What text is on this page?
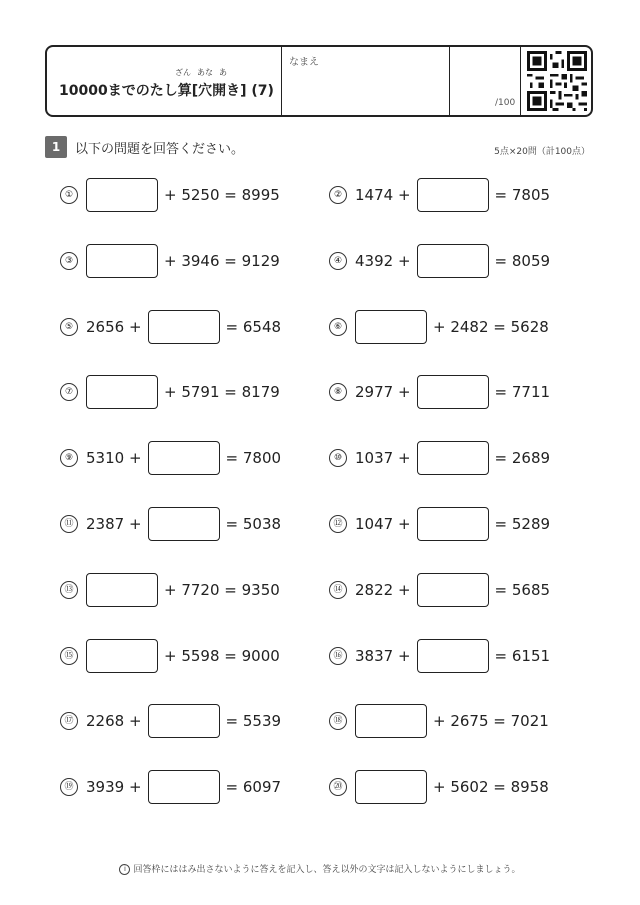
ざん あな あ
10000までのたし算[穴開き] (7)
なまえ
/100
1	以下の問題を回答ください。	5点×20問（計100点）
①	+ 5250 = 8995	② 1474 +	= 7805
③	+ 3946 = 9129	④ 4392 +	= 8059
⑤ 2656 +	= 6548	⑥	+ 2482 = 5628
⑦	+ 5791 = 8179	⑧ 2977 +	= 7711
⑨ 5310 +	= 7800	⑩ 1037 +	= 2689
⑪ 2387 +	= 5038	⑫ 1047 +	= 5289
⑬	+ 7720 = 9350	⑭ 2822 +	= 5685
⑮	+ 5598 = 9000	⑯ 3837 +	= 6151
⑰ 2268 +	= 5539	⑱	+ 2675 = 7021
⑲ 3939 +	= 6097	⑳	+ 5602 = 8958
i 回答枠にははみ出さないように答えを記入し、答え以外の文字は記入しないようにしましょう。
